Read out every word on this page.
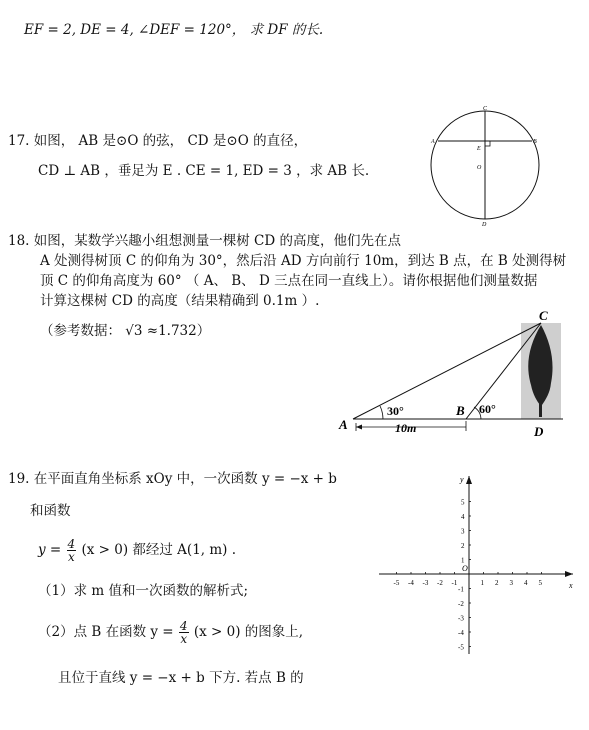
EF = 2, DE = 4, ∠DEF = 120°， 求 DF 的长.
17. 如图， AB 是⊙O 的弦， CD 是⊙O 的直径，
CD ⊥ AB ，垂足为 E . CE = 1, ED = 3 ，求 AB 长.
C
A	B
E
O
D
18. 如图，某数学兴趣小组想测量一棵树 CD 的高度，他们先在点
A 处测得树顶 C 的仰角为 30°，然后沿 AD 方向前行 10m，到达 B 点，在 B 处测得树
顶 C 的仰角高度为 60° （ A、 B、 D 三点在同一直线上）。请你根据他们测量数据
计算这棵树 CD 的高度（结果精确到 0.1m ）.
（参考数据： √3 ≈1.732）
C
A
B
D
30°	60°
10m
19. 在平面直角坐标系 xOy 中，一次函数 y = −x + b
和函数
$y = \frac{4}{x} (x > 0)$ 都经过 A(1, m) .
（1）求 m 值和一次函数的解析式;
（2）点 B 在函数 $y = \frac{4}{x} (x > 0)$ 的图象上,
且位于直线 y = −x + b 下方. 若点 B 的
-5 -4 -3 -2 -1	1 2 3 4 5
5
4
3
2
1
-1
-2
-3
-4
-5
x
y
O
